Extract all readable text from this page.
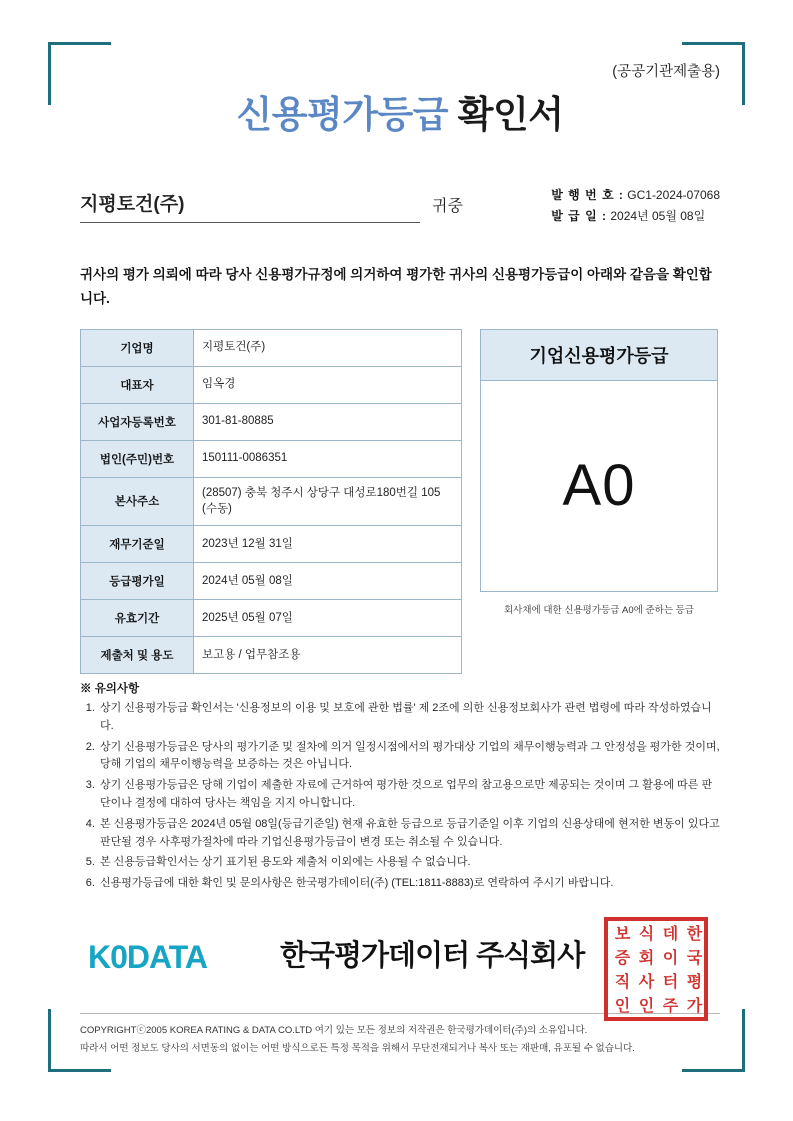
(공공기관제출용)
신용평가등급 확인서
지평토건(주)	귀중
발 행 번 호 : GC1-2024-07068
발 급 일 : 2024년 05월 08일
귀사의 평가 의뢰에 따라 당사 신용평가규정에 의거하여 평가한 귀사의 신용평가등급이 아래와 같음을 확인합니다.
기업명	지평토건(주)
대표자	임옥경
사업자등록번호	301-81-80885
법인(주민)번호	150111-0086351
본사주소	(28507) 충북 청주시 상당구 대성로180번길 105 (수동)
재무기준일	2023년 12월 31일
등급평가일	2024년 05월 08일
유효기간	2025년 05월 07일
제출처 및 용도	보고용 / 업무참조용
기업신용평가등급
A0
회사채에 대한 신용평가등급 A0에 준하는 등급
※ 유의사항
1. 상기 신용평가등급 확인서는 '신용정보의 이용 및 보호에 관한 법률' 제 2조에 의한 신용정보회사가 관련 법령에 따라 작성하였습니다.
2. 상기 신용평가등급은 당사의 평가기준 및 절차에 의거 일정시점에서의 평가대상 기업의 채무이행능력과 그 안정성을 평가한 것이며, 당해 기업의 채무이행능력을 보증하는 것은 아닙니다.
3. 상기 신용평가등급은 당해 기업이 제출한 자료에 근거하여 평가한 것으로 업무의 참고용으로만 제공되는 것이며 그 활용에 따른 판단이나 결정에 대하여 당사는 책임을 지지 아니합니다.
4. 본 신용평가등급은 2024년 05월 08일(등급기준일) 현재 유효한 등급으로 등급기준일 이후 기업의 신용상태에 현저한 변동이 있다고 판단될 경우 사후평가절차에 따라 기업신용평가등급이 변경 또는 취소될 수 있습니다.
5. 본 신용등급확인서는 상기 표기된 용도와 제출처 이외에는 사용될 수 없습니다.
6. 신용평가등급에 대한 확인 및 문의사항은 한국평가데이터(주) (TEL:1811-8883)로 연락하여 주시기 바랍니다.
K0DATA	한국평가데이터 주식회사
한
국
평
가
데
이
터
주
식
회
사
인
보
증
직
인
COPYRIGHTⓒ2005 KOREA RATING & DATA CO.LTD 여기 있는 모든 정보의 저작권은 한국평가데이터(주)의 소유입니다.
따라서 어떤 정보도 당사의 서면동의 없이는 어떤 방식으로든 특정 목적을 위해서 무단전재되거나 복사 또는 재판매, 유포될 수 없습니다.
